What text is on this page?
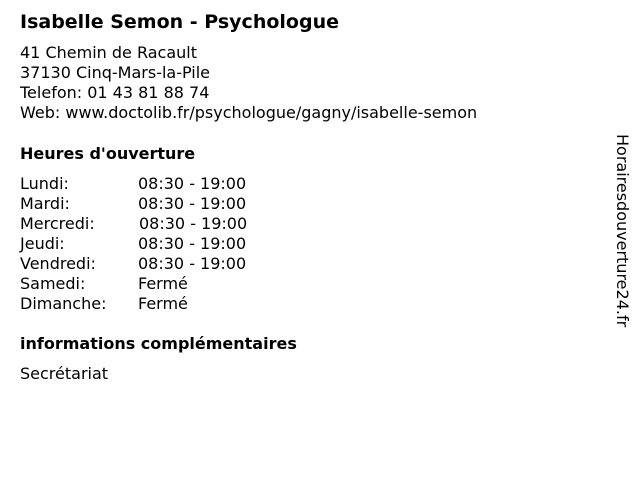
Isabelle Semon - Psychologue
41 Chemin de Racault
37130 Cinq-Mars-la-Pile
Telefon: 01 43 81 88 74
Web: www.doctolib.fr/psychologue/gagny/isabelle-semon
Heures d'ouverture
Lundi:	08:30 - 19:00
Mardi:	08:30 - 19:00
Mercredi:	08:30 - 19:00
Jeudi:	08:30 - 19:00
Vendredi:	08:30 - 19:00
Samedi:	Fermé
Dimanche: Fermé
informations complémentaires
Secrétariat
Horairesdouverture24.fr
